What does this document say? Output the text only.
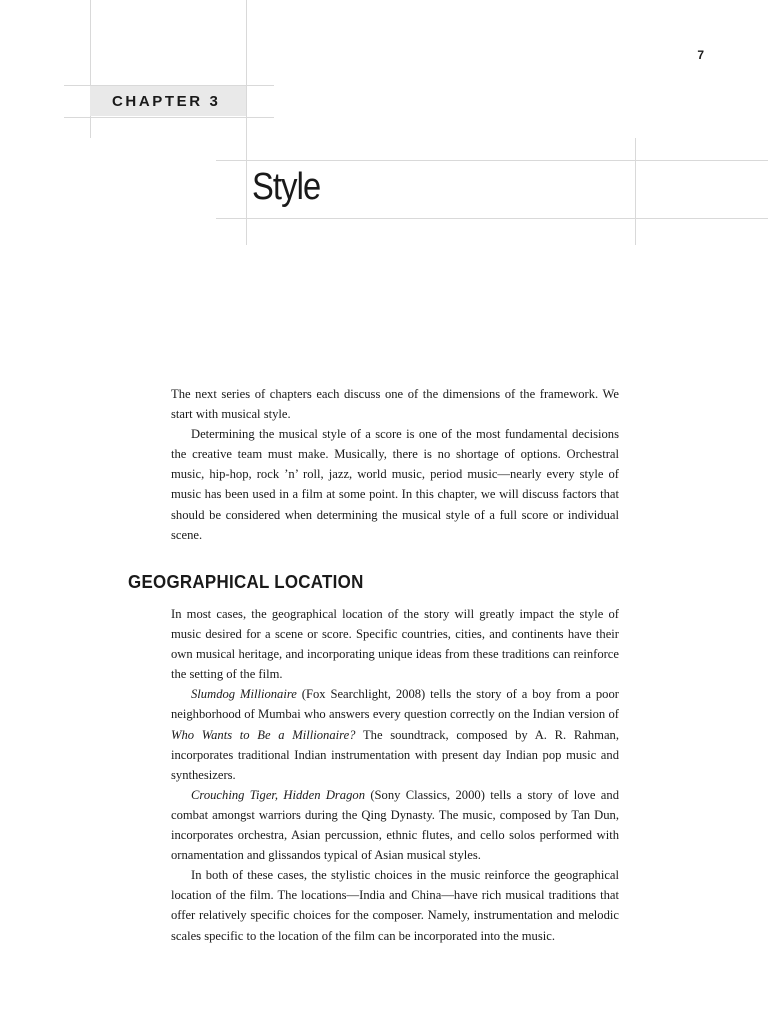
7
CHAPTER 3
Style

The next series of chapters each discuss one of the dimensions of the framework. We start with musical style.

Determining the musical style of a score is one of the most fundamental decisions the creative team must make. Musically, there is no shortage of options. Orchestral music, hip-hop, rock ’n’ roll, jazz, world music, period music—nearly every style of music has been used in a film at some point. In this chapter, we will discuss factors that should be considered when determining the musical style of a full score or individual scene.

GEOGRAPHICAL LOCATION

In most cases, the geographical location of the story will greatly impact the style of music desired for a scene or score. Specific countries, cities, and continents have their own musical heritage, and incorporating unique ideas from these traditions can reinforce the setting of the film.

Slumdog Millionaire (Fox Searchlight, 2008) tells the story of a boy from a poor neighborhood of Mumbai who answers every question correctly on the Indian version of Who Wants to Be a Millionaire? The soundtrack, composed by A. R. Rahman, incorporates traditional Indian instrumentation with present day Indian pop music and synthesizers.

Crouching Tiger, Hidden Dragon (Sony Classics, 2000) tells a story of love and combat amongst warriors during the Qing Dynasty. The music, composed by Tan Dun, incorporates orchestra, Asian percussion, ethnic flutes, and cello solos performed with ornamentation and glissandos typical of Asian musical styles.

In both of these cases, the stylistic choices in the music reinforce the geographical location of the film. The locations—India and China—have rich musical traditions that offer relatively specific choices for the composer. Namely, instrumentation and melodic scales specific to the location of the film can be incorporated into the music.
